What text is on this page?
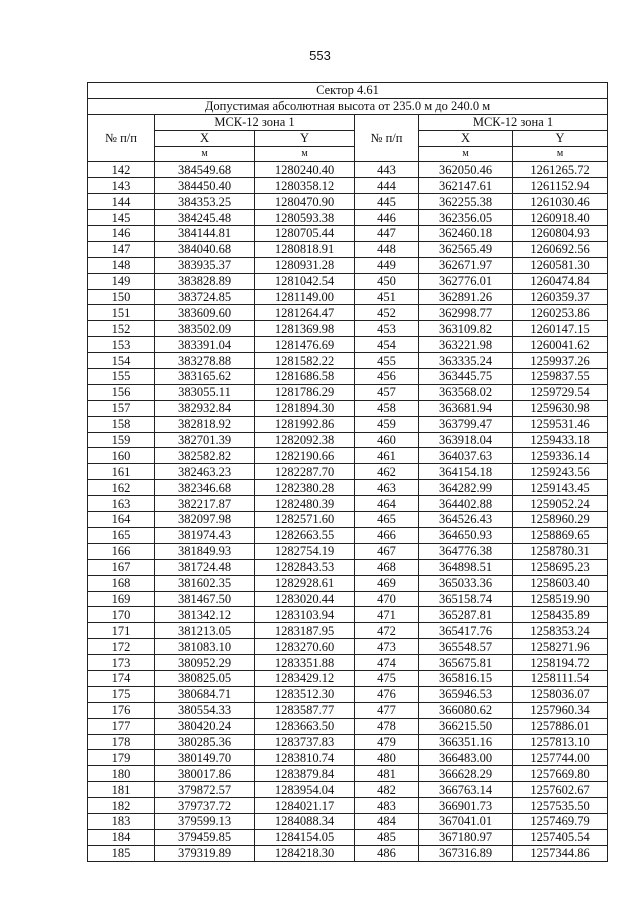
553
Сектор 4.61					
Допустимая абсолютная высота от 235.0 м до 240.0 м					
№ п/п	МСК-12 зона 1		№ п/п	МСК-12 зона 1	
	X	Y		X	Y
	м	м		м	м
142	384549.68	1280240.40	443	362050.46	1261265.72
143	384450.40	1280358.12	444	362147.61	1261152.94
144	384353.25	1280470.90	445	362255.38	1261030.46
145	384245.48	1280593.38	446	362356.05	1260918.40
146	384144.81	1280705.44	447	362460.18	1260804.93
147	384040.68	1280818.91	448	362565.49	1260692.56
148	383935.37	1280931.28	449	362671.97	1260581.30
149	383828.89	1281042.54	450	362776.01	1260474.84
150	383724.85	1281149.00	451	362891.26	1260359.37
151	383609.60	1281264.47	452	362998.77	1260253.86
152	383502.09	1281369.98	453	363109.82	1260147.15
153	383391.04	1281476.69	454	363221.98	1260041.62
154	383278.88	1281582.22	455	363335.24	1259937.26
155	383165.62	1281686.58	456	363445.75	1259837.55
156	383055.11	1281786.29	457	363568.02	1259729.54
157	382932.84	1281894.30	458	363681.94	1259630.98
158	382818.92	1281992.86	459	363799.47	1259531.46
159	382701.39	1282092.38	460	363918.04	1259433.18
160	382582.82	1282190.66	461	364037.63	1259336.14
161	382463.23	1282287.70	462	364154.18	1259243.56
162	382346.68	1282380.28	463	364282.99	1259143.45
163	382217.87	1282480.39	464	364402.88	1259052.24
164	382097.98	1282571.60	465	364526.43	1258960.29
165	381974.43	1282663.55	466	364650.93	1258869.65
166	381849.93	1282754.19	467	364776.38	1258780.31
167	381724.48	1282843.53	468	364898.51	1258695.23
168	381602.35	1282928.61	469	365033.36	1258603.40
169	381467.50	1283020.44	470	365158.74	1258519.90
170	381342.12	1283103.94	471	365287.81	1258435.89
171	381213.05	1283187.95	472	365417.76	1258353.24
172	381083.10	1283270.60	473	365548.57	1258271.96
173	380952.29	1283351.88	474	365675.81	1258194.72
174	380825.05	1283429.12	475	365816.15	1258111.54
175	380684.71	1283512.30	476	365946.53	1258036.07
176	380554.33	1283587.77	477	366080.62	1257960.34
177	380420.24	1283663.50	478	366215.50	1257886.01
178	380285.36	1283737.83	479	366351.16	1257813.10
179	380149.70	1283810.74	480	366483.00	1257744.00
180	380017.86	1283879.84	481	366628.29	1257669.80
181	379872.57	1283954.04	482	366763.14	1257602.67
182	379737.72	1284021.17	483	366901.73	1257535.50
183	379599.13	1284088.34	484	367041.01	1257469.79
184	379459.85	1284154.05	485	367180.97	1257405.54
185	379319.89	1284218.30	486	367316.89	1257344.86
